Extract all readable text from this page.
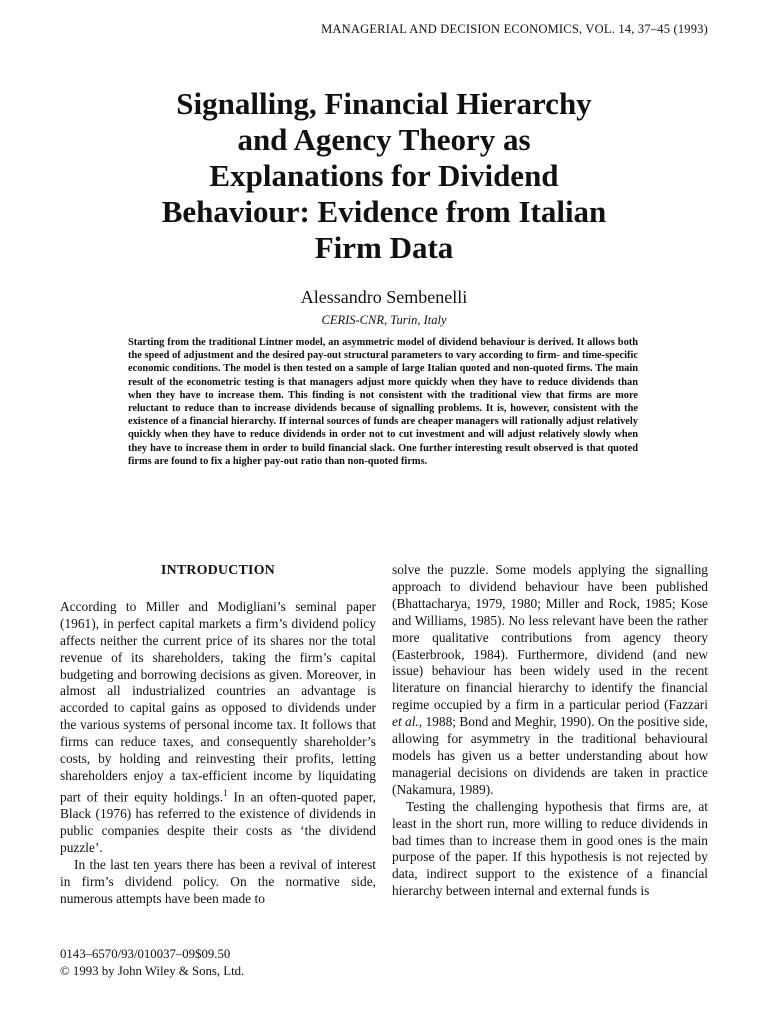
MANAGERIAL AND DECISION ECONOMICS, VOL. 14, 37–45 (1993)
Signalling, Financial Hierarchy
and Agency Theory as
Explanations for Dividend
Behaviour: Evidence from Italian
Firm Data
Alessandro Sembenelli
CERIS-CNR, Turin, Italy

Starting from the traditional Lintner model, an asymmetric model of dividend behaviour is derived. It allows both the speed of adjustment and the desired pay-out structural parameters to vary according to firm- and time-specific economic conditions. The model is then tested on a sample of large Italian quoted and non-quoted firms. The main result of the econometric testing is that managers adjust more quickly when they have to reduce dividends than when they have to increase them. This finding is not consistent with the traditional view that firms are more reluctant to reduce than to increase dividends because of signalling problems. It is, however, consistent with the existence of a financial hierarchy. If internal sources of funds are cheaper managers will rationally adjust relatively quickly when they have to reduce dividends in order not to cut investment and will adjust relatively slowly when they have to increase them in order to build financial slack. One further interesting result observed is that quoted firms are found to fix a higher pay-out ratio than non-quoted firms.

INTRODUCTION

According to Miller and Modigliani’s seminal paper (1961), in perfect capital markets a firm’s dividend policy affects neither the current price of its shares nor the total revenue of its shareholders, taking the firm’s capital budgeting and borrowing decisions as given. Moreover, in almost all industrialized countries an advantage is accorded to capital gains as opposed to dividends under the various systems of personal income tax. It follows that firms can reduce taxes, and consequently shareholder’s costs, by holding and reinvesting their profits, letting shareholders enjoy a tax-efficient income by liquidating part of their equity holdings.$^1$ In an often-quoted paper, Black (1976) has referred to the existence of dividends in public companies despite their costs as ‘the dividend puzzle’.

In the last ten years there has been a revival of interest in firm’s dividend policy. On the normative side, numerous attempts have been made to

solve the puzzle. Some models applying the signalling approach to dividend behaviour have been published (Bhattacharya, 1979, 1980; Miller and Rock, 1985; Kose and Williams, 1985). No less relevant have been the rather more qualitative contributions from agency theory (Easterbrook, 1984). Furthermore, dividend (and new issue) behaviour has been widely used in the recent literature on financial hierarchy to identify the financial regime occupied by a firm in a particular period (Fazzari et al., 1988; Bond and Meghir, 1990). On the positive side, allowing for asymmetry in the traditional behavioural models has given us a better understanding about how managerial decisions on dividends are taken in practice (Nakamura, 1989).

Testing the challenging hypothesis that firms are, at least in the short run, more willing to reduce dividends in bad times than to increase them in good ones is the main purpose of the paper. If this hypothesis is not rejected by data, indirect support to the existence of a financial hierarchy between internal and external funds is

0143–6570/93/010037–09$09.50
© 1993 by John Wiley & Sons, Ltd.
